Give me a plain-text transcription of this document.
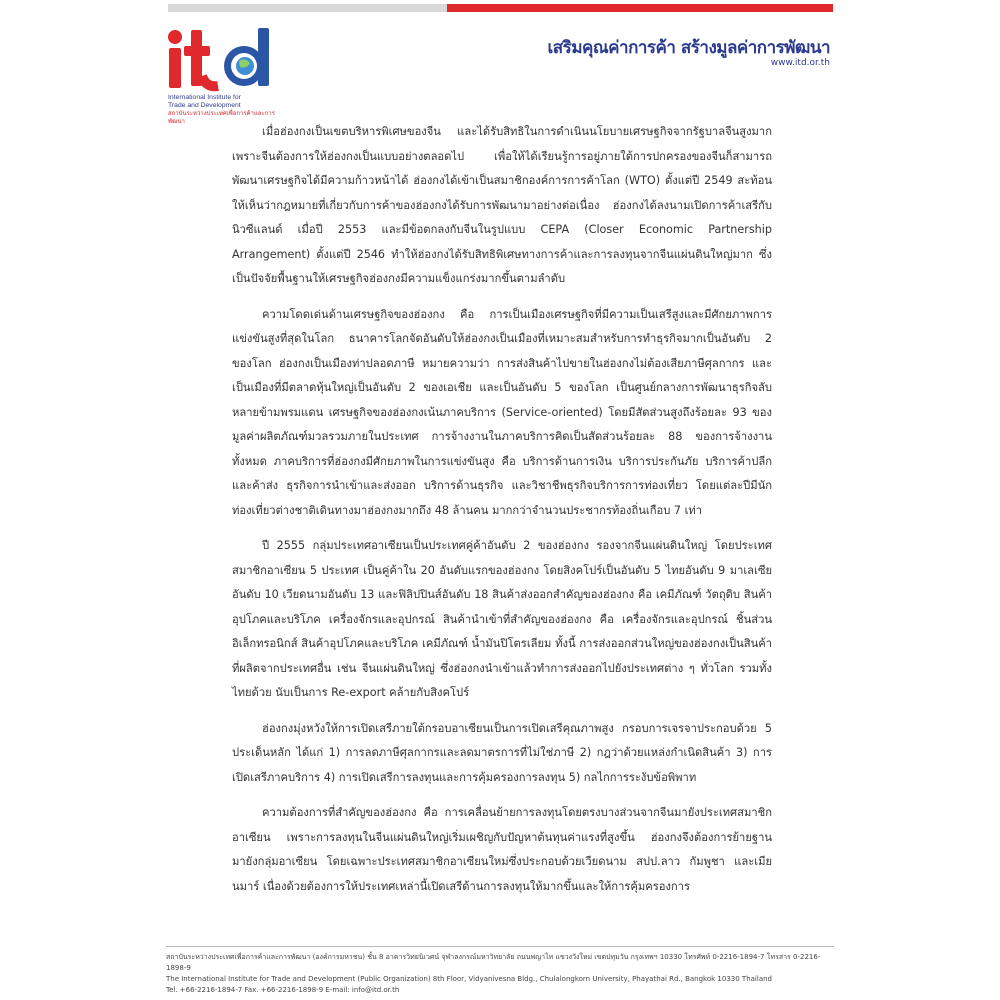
International Institute for
Trade and Development
สถาบันระหว่างประเทศเพื่อการค้าและการพัฒนา
เสริมคุณค่าการค้า สร้างมูลค่าการพัฒนา
www.itd.or.th

เมื่อฮ่องกงเป็นเขตบริหารพิเศษของจีน และได้รับสิทธิในการดำเนินนโยบายเศรษฐกิจจากรัฐบาลจีนสูงมาก เพราะจีนต้องการให้ฮ่องกงเป็นแบบอย่างตลอดไป เพื่อให้ได้เรียนรู้การอยู่ภายใต้การปกครองของจีนก็สามารถพัฒนาเศรษฐกิจได้มีความก้าวหน้าได้ ฮ่องกงได้เข้าเป็นสมาชิกองค์การการค้าโลก (WTO) ตั้งแต่ปี 2549 สะท้อนให้เห็นว่ากฎหมายที่เกี่ยวกับการค้าของฮ่องกงได้รับการพัฒนามาอย่างต่อเนื่อง ฮ่องกงได้ลงนามเปิดการค้าเสรีกับนิวซีแลนด์ เมื่อปี 2553 และมีข้อตกลงกับจีนในรูปแบบ CEPA (Closer Economic Partnership Arrangement) ตั้งแต่ปี 2546 ทำให้ฮ่องกงได้รับสิทธิพิเศษทางการค้าและการลงทุนจากจีนแผ่นดินใหญ่มาก ซึ่งเป็นปัจจัยพื้นฐานให้เศรษฐกิจฮ่องกงมีความแข็งแกร่งมากขึ้นตามลำดับ

ความโดดเด่นด้านเศรษฐกิจของฮ่องกง คือ การเป็นเมืองเศรษฐกิจที่มีความเป็นเสรีสูงและมีศักยภาพการแข่งขันสูงที่สุดในโลก ธนาคารโลกจัดอันดับให้ฮ่องกงเป็นเมืองที่เหมาะสมสำหรับการทำธุรกิจมากเป็นอันดับ 2 ของโลก ฮ่องกงเป็นเมืองท่าปลอดภาษี หมายความว่า การส่งสินค้าไปขายในฮ่องกงไม่ต้องเสียภาษีศุลกากร และเป็นเมืองที่มีตลาดหุ้นใหญ่เป็นอันดับ 2 ของเอเชีย และเป็นอันดับ 5 ของโลก เป็นศูนย์กลางการพัฒนาธุรกิจลับหลายข้ามพรมแดน เศรษฐกิจของฮ่องกงเน้นภาคบริการ (Service-oriented) โดยมีสัดส่วนสูงถึงร้อยละ 93 ของมูลค่าผลิตภัณฑ์มวลรวมภายในประเทศ การจ้างงานในภาคบริการคิดเป็นสัดส่วนร้อยละ 88 ของการจ้างงานทั้งหมด ภาคบริการที่ฮ่องกงมีศักยภาพในการแข่งขันสูง คือ บริการด้านการเงิน บริการประกันภัย บริการค้าปลีกและค้าส่ง ธุรกิจการนำเข้าและส่งออก บริการด้านธุรกิจ และวิชาชีพธุรกิจบริการการท่องเที่ยว โดยแต่ละปีมีนักท่องเที่ยวต่างชาติเดินทางมาฮ่องกงมากถึง 48 ล้านคน มากกว่าจำนวนประชากรท้องถิ่นเกือบ 7 เท่า

ปี 2555 กลุ่มประเทศอาเซียนเป็นประเทศคู่ค้าอันดับ 2 ของฮ่องกง รองจากจีนแผ่นดินใหญ่ โดยประเทศสมาชิกอาเซียน 5 ประเทศ เป็นคู่ค้าใน 20 อันดับแรกของฮ่องกง โดยสิงคโปร์เป็นอันดับ 5 ไทยอันดับ 9 มาเลเซียอันดับ 10 เวียดนามอันดับ 13 และฟิลิปปินส์อันดับ 18 สินค้าส่งออกสำคัญของฮ่องกง คือ เคมีภัณฑ์ วัตถุดิบ สินค้าอุปโภคและบริโภค เครื่องจักรและอุปกรณ์ สินค้านำเข้าที่สำคัญของฮ่องกง คือ เครื่องจักรและอุปกรณ์ ชิ้นส่วนอิเล็กทรอนิกส์ สินค้าอุปโภคและบริโภค เคมีภัณฑ์ น้ำมันปิโตรเลียม ทั้งนี้ การส่งออกส่วนใหญ่ของฮ่องกงเป็นสินค้าที่ผลิตจากประเทศอื่น เช่น จีนแผ่นดินใหญ่ ซึ่งฮ่องกงนำเข้าแล้วทำการส่งออกไปยังประเทศต่าง ๆ ทั่วโลก รวมทั้งไทยด้วย นับเป็นการ Re-export คล้ายกับสิงคโปร์

ฮ่องกงมุ่งหวังให้การเปิดเสรีภายใต้กรอบอาเซียนเป็นการเปิดเสรีคุณภาพสูง กรอบการเจรจาประกอบด้วย 5 ประเด็นหลัก ได้แก่ 1) การลดภาษีศุลกากรและลดมาตรการที่ไม่ใช่ภาษี 2) กฎว่าด้วยแหล่งกำเนิดสินค้า 3) การเปิดเสรีภาคบริการ 4) การเปิดเสรีการลงทุนและการคุ้มครองการลงทุน 5) กลไกการระงับข้อพิพาท

ความต้องการที่สำคัญของฮ่องกง คือ การเคลื่อนย้ายการลงทุนโดยตรงบางส่วนจากจีนมายังประเทศสมาชิกอาเซียน เพราะการลงทุนในจีนแผ่นดินใหญ่เริ่มเผชิญกับปัญหาต้นทุนค่าแรงที่สูงขึ้น ฮ่องกงจึงต้องการย้ายฐานมายังกลุ่มอาเซียน โดยเฉพาะประเทศสมาชิกอาเซียนใหม่ซึ่งประกอบด้วยเวียดนาม สปป.ลาว กัมพูชา และเมียนมาร์ เนื่องด้วยต้องการให้ประเทศเหล่านี้เปิดเสรีด้านการลงทุนให้มากขึ้นและให้การคุ้มครองการ

สถาบันระหว่างประเทศเพื่อการค้าและการพัฒนา (องค์การมหาชน) ชั้น 8 อาคารวิทยนิเวศน์ จุฬาลงกรณ์มหาวิทยาลัย ถนนพญาไท แขวงวังใหม่ เขตปทุมวัน กรุงเทพฯ 10330 โทรศัพท์ 0-2216-1894-7 โทรสาร 0-2216-1898-9
The International Institute for Trade and Development (Public Organization) 8th Floor, Vidyanivesna Bldg., Chulalongkorn University, Phayathai Rd., Bangkok 10330 Thailand
Tel. +66-2216-1894-7 Fax. +66-2216-1898-9 E-mail: info@itd.or.th
